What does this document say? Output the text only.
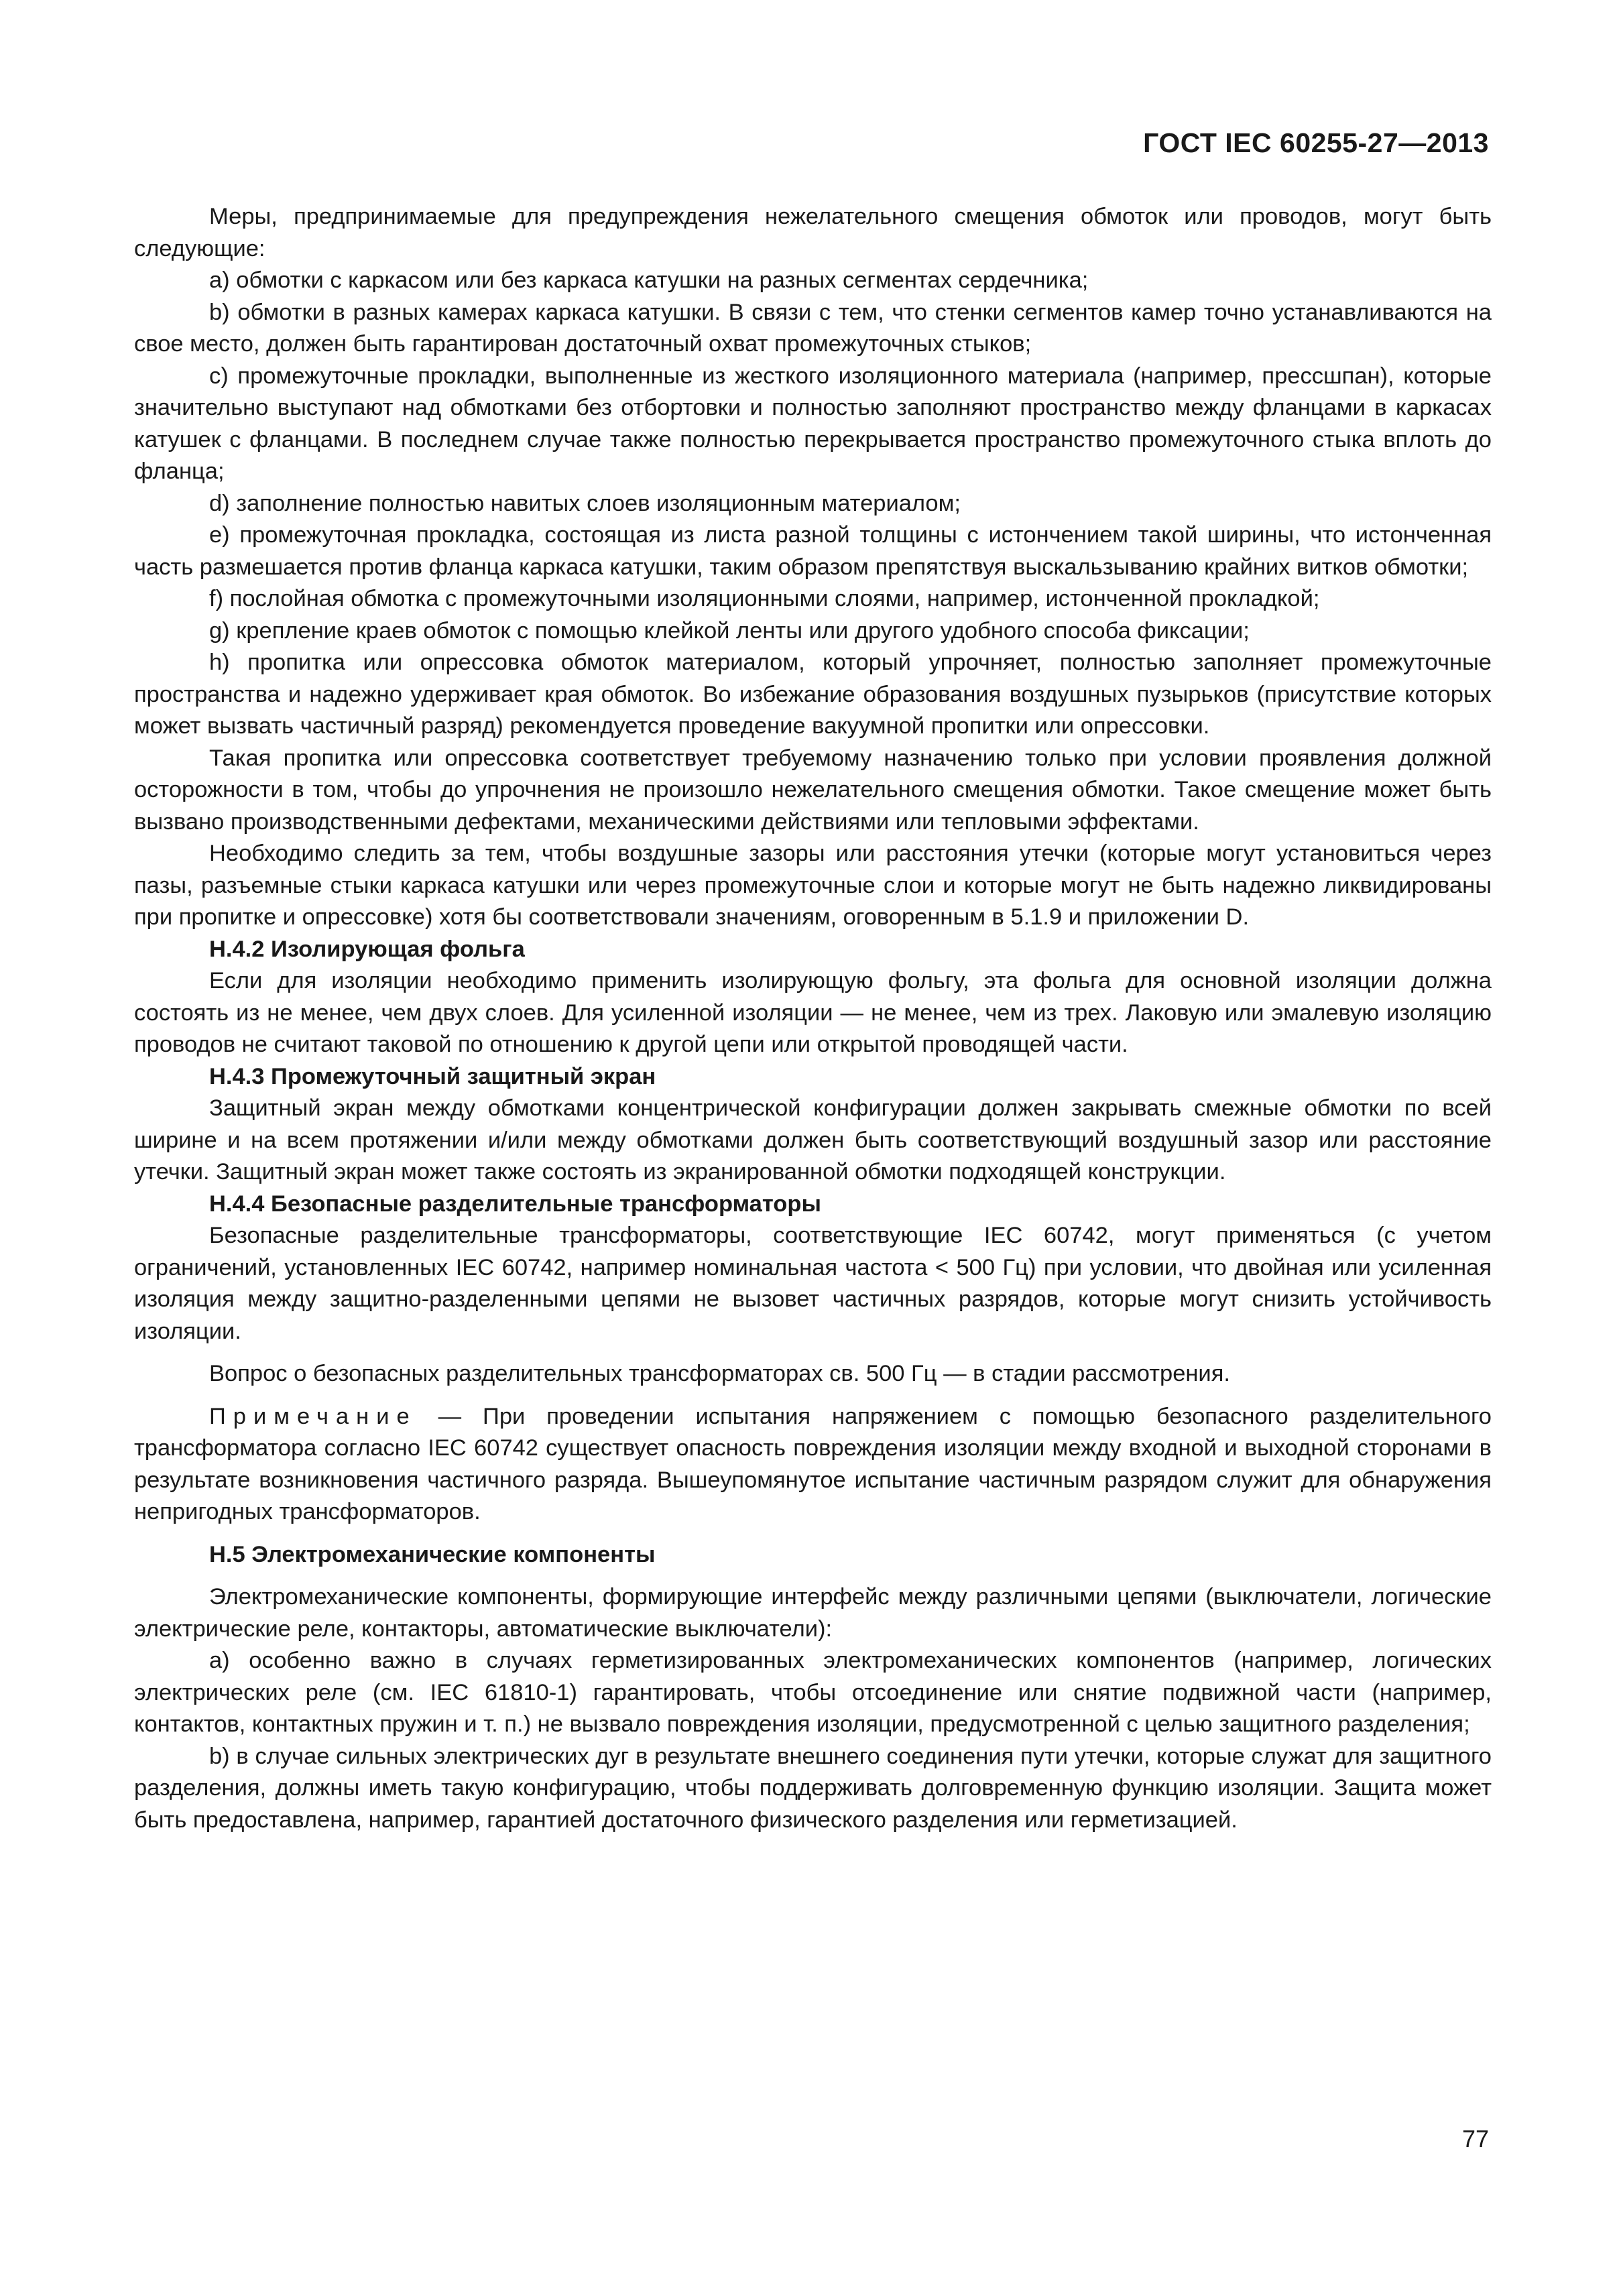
ГОСТ IEC 60255-27—2013

Меры, предпринимаемые для предупреждения нежелательного смещения обмоток или проводов, могут быть следующие:

a) обмотки с каркасом или без каркаса катушки на разных сегментах сердечника;

b) обмотки в разных камерах каркаса катушки. В связи с тем, что стенки сегментов камер точно устанавливаются на свое место, должен быть гарантирован достаточный охват промежуточных стыков;

c) промежуточные прокладки, выполненные из жесткого изоляционного материала (например, прессшпан), которые значительно выступают над обмотками без отбортовки и полностью заполняют пространство между фланцами в каркасах катушек с фланцами. В последнем случае также полностью перекрывается пространство промежуточного стыка вплоть до фланца;

d) заполнение полностью навитых слоев изоляционным материалом;

e) промежуточная прокладка, состоящая из листа разной толщины с истончением такой ширины, что истонченная часть размешается против фланца каркаса катушки, таким образом препятствуя выскальзыванию крайних витков обмотки;

f) послойная обмотка с промежуточными изоляционными слоями, например, истонченной прокладкой;

g) крепление краев обмоток с помощью клейкой ленты или другого удобного способа фиксации;

h) пропитка или опрессовка обмоток материалом, который упрочняет, полностью заполняет промежуточные пространства и надежно удерживает края обмоток. Во избежание образования воздушных пузырьков (присутствие которых может вызвать частичный разряд) рекомендуется проведение вакуумной пропитки или опрессовки.

Такая пропитка или опрессовка соответствует требуемому назначению только при условии проявления должной осторожности в том, чтобы до упрочнения не произошло нежелательного смещения обмотки. Такое смещение может быть вызвано производственными дефектами, механическими действиями или тепловыми эффектами.

Необходимо следить за тем, чтобы воздушные зазоры или расстояния утечки (которые могут установиться через пазы, разъемные стыки каркаса катушки или через промежуточные слои и которые могут не быть надежно ликвидированы при пропитке и опрессовке) хотя бы соответствовали значениям, оговоренным в 5.1.9 и приложении D.

H.4.2 Изолирующая фольга

Если для изоляции необходимо применить изолирующую фольгу, эта фольга для основной изоляции должна состоять из не менее, чем двух слоев. Для усиленной изоляции — не менее, чем из трех. Лаковую или эмалевую изоляцию проводов не считают таковой по отношению к другой цепи или открытой проводящей части.

H.4.3 Промежуточный защитный экран

Защитный экран между обмотками концентрической конфигурации должен закрывать смежные обмотки по всей ширине и на всем протяжении и/или между обмотками должен быть соответствующий воздушный зазор или расстояние утечки. Защитный экран может также состоять из экранированной обмотки подходящей конструкции.

H.4.4 Безопасные разделительные трансформаторы

Безопасные разделительные трансформаторы, соответствующие IEC 60742, могут применяться (с учетом ограничений, установленных IEC 60742, например номинальная частота < 500 Гц) при условии, что двойная или усиленная изоляция между защитно-разделенными цепями не вызовет частичных разрядов, которые могут снизить устойчивость изоляции.

Вопрос о безопасных разделительных трансформаторах св. 500 Гц — в стадии рассмотрения.

Примечание — При проведении испытания напряжением с помощью безопасного разделительного трансформатора согласно IEC 60742 существует опасность повреждения изоляции между входной и выходной сторонами в результате возникновения частичного разряда. Вышеупомянутое испытание частичным разрядом служит для обнаружения непригодных трансформаторов.

H.5 Электромеханические компоненты

Электромеханические компоненты, формирующие интерфейс между различными цепями (выключатели, логические электрические реле, контакторы, автоматические выключатели):

a) особенно важно в случаях герметизированных электромеханических компонентов (например, логических электрических реле (см. IEC 61810-1) гарантировать, чтобы отсоединение или снятие подвижной части (например, контактов, контактных пружин и т. п.) не вызвало повреждения изоляции, предусмотренной с целью защитного разделения;

b) в случае сильных электрических дуг в результате внешнего соединения пути утечки, которые служат для защитного разделения, должны иметь такую конфигурацию, чтобы поддерживать долговременную функцию изоляции. Защита может быть предоставлена, например, гарантией достаточного физического разделения или герметизацией.

77
